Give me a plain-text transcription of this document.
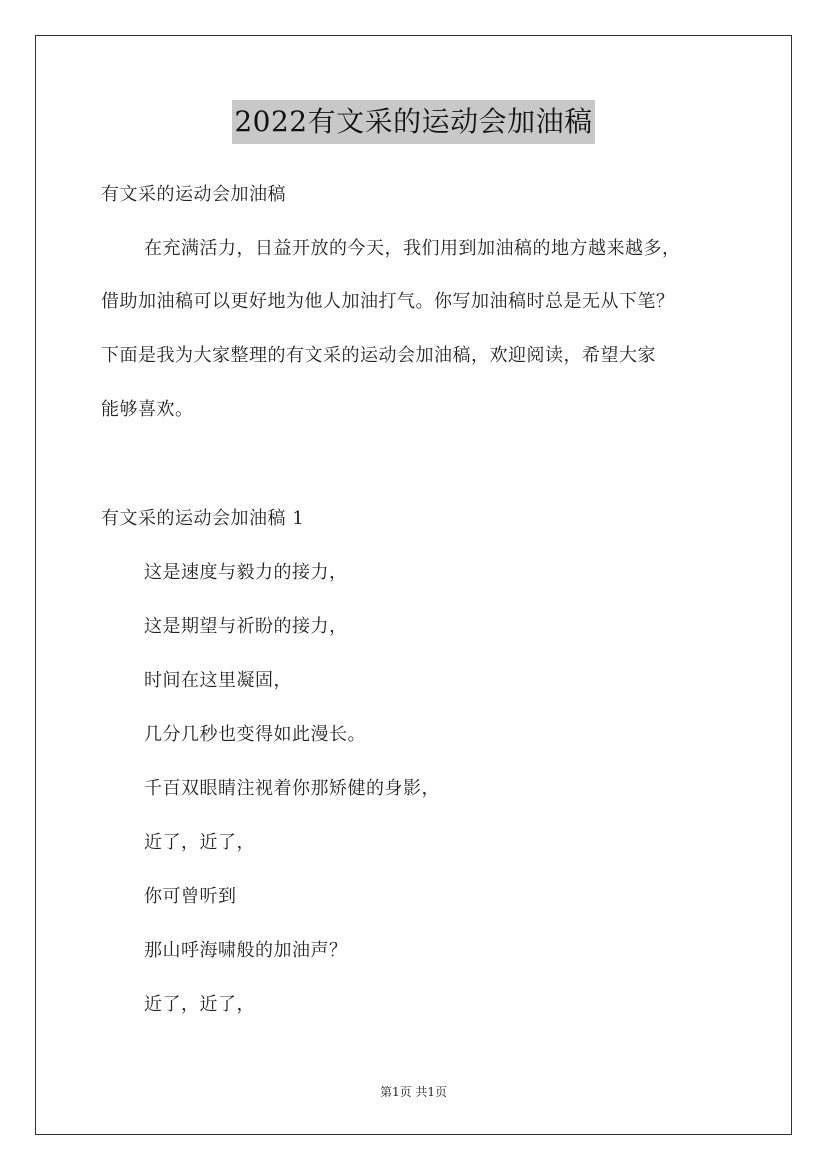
2022有文采的运动会加油稿
有文采的运动会加油稿
在充满活力，日益开放的今天，我们用到加油稿的地方越来越多，
借助加油稿可以更好地为他人加油打气。你写加油稿时总是无从下笔？
下面是我为大家整理的有文采的运动会加油稿，欢迎阅读，希望大家
能够喜欢。
有文采的运动会加油稿 1
这是速度与毅力的接力，
这是期望与祈盼的接力，
时间在这里凝固，
几分几秒也变得如此漫长。
千百双眼睛注视着你那矫健的身影，
近了，近了，
你可曾听到
那山呼海啸般的加油声？
近了，近了，
第1页 共1页
